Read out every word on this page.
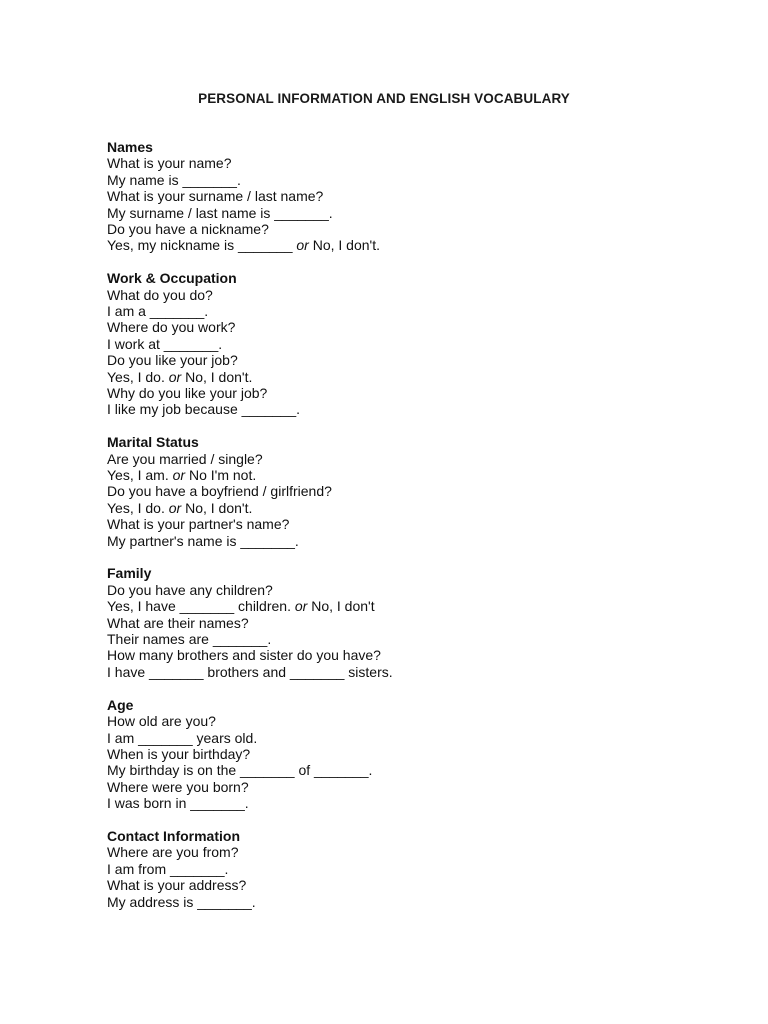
PERSONAL INFORMATION AND ENGLISH VOCABULARY
Names
What is your name?
My name is _______.
What is your surname / last name?
My surname / last name is _______.
Do you have a nickname?
Yes, my nickname is _______ or No, I don't.
Work & Occupation
What do you do?
I am a _______.
Where do you work?
I work at _______.
Do you like your job?
Yes, I do. or No, I don't.
Why do you like your job?
I like my job because _______.
Marital Status
Are you married / single?
Yes, I am. or No I'm not.
Do you have a boyfriend / girlfriend?
Yes, I do. or No, I don't.
What is your partner's name?
My partner's name is _______.
Family
Do you have any children?
Yes, I have _______ children. or No, I don't
What are their names?
Their names are _______.
How many brothers and sister do you have?
I have _______ brothers and _______ sisters.
Age
How old are you?
I am _______ years old.
When is your birthday?
My birthday is on the _______ of _______.
Where were you born?
I was born in _______.
Contact Information
Where are you from?
I am from _______.
What is your address?
My address is _______.
